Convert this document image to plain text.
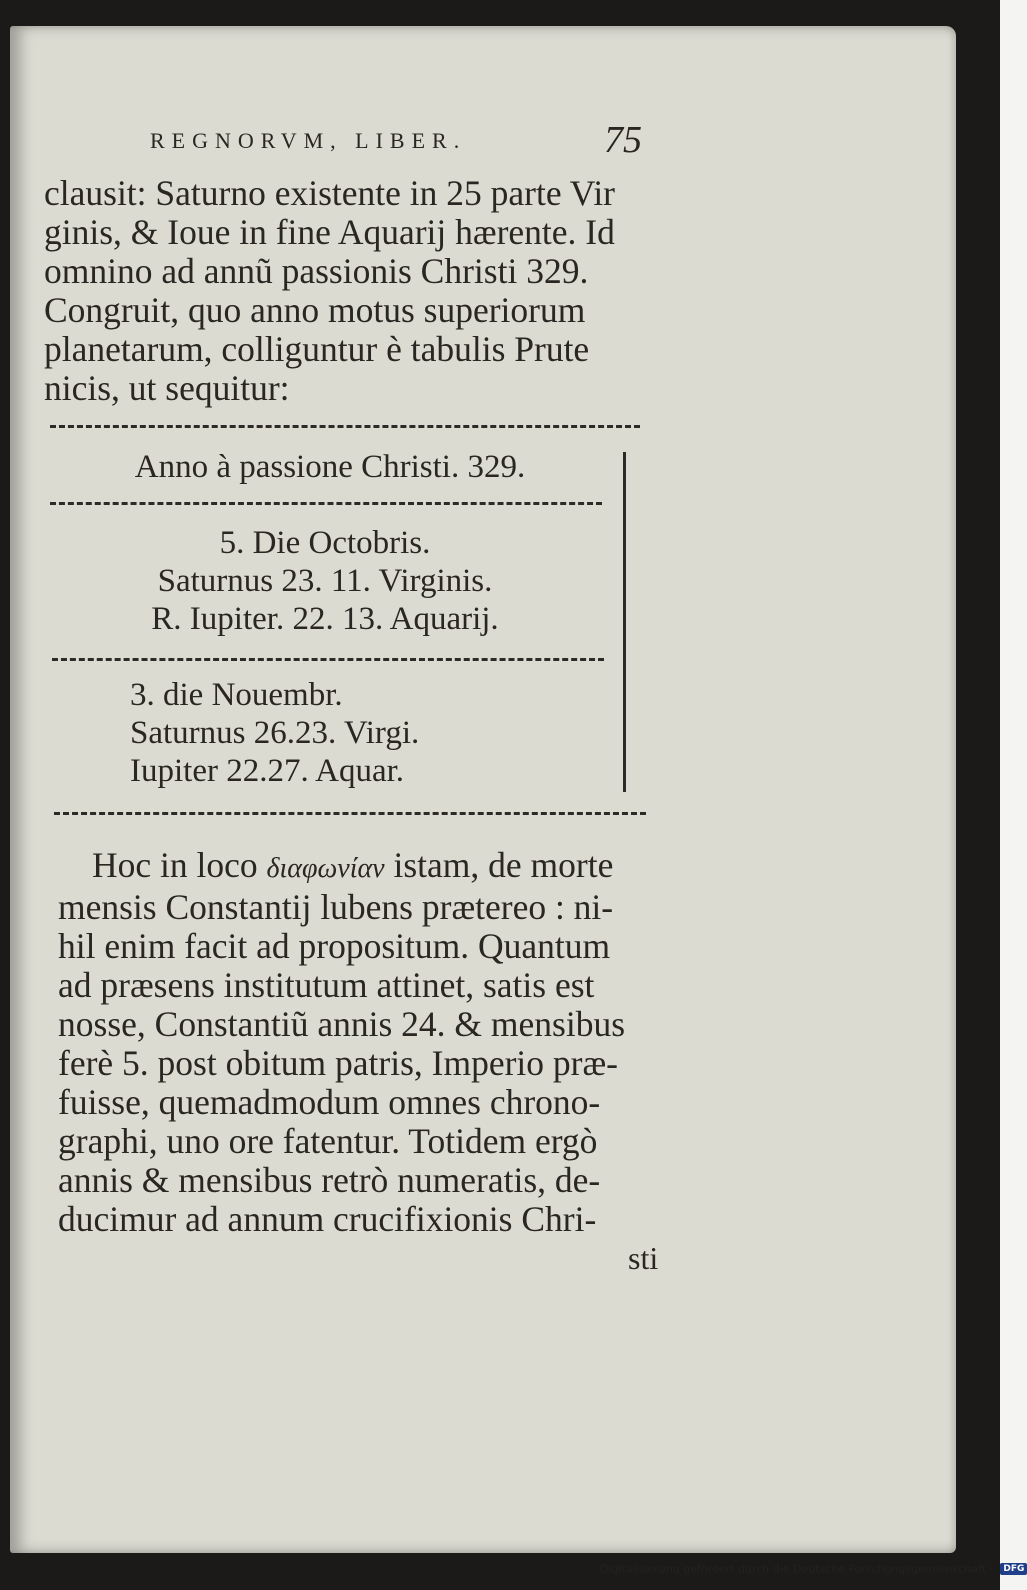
REGNORVM, LIBER.	75
clausit: Saturno existente in 25 parte Vir
ginis, & Ioue in fine Aquarij hærente. Id
omnino ad annũ passionis Christi 329.
Congruit, quo anno motus superiorum
planetarum, colliguntur è tabulis Prute
nicis, ut sequitur:
Anno à passione Christi. 329.
5. Die Octobris.
Saturnus 23. 11. Virginis.
R. Iupiter. 22. 13. Aquarij.
3. die Nouembr.
Saturnus 26.23. Virgi.
Iupiter 22.27. Aquar.
Hoc in loco διαφωνίαν istam, de morte
mensis Constantij lubens prætereo : ni-
hil enim facit ad propositum. Quantum
ad præsens institutum attinet, satis est
nosse, Constantiũ annis 24. & mensibus
ferè 5. post obitum patris, Imperio præ-
fuisse, quemadmodum omnes chrono-
graphi, uno ore fatentur. Totidem ergò
annis & mensibus retrò numeratis, de-
ducimur ad annum crucifixionis Chri-
sti
Digitalisierung gefördert durch die Deutsche Forschungsgemeinschaft · DFG
